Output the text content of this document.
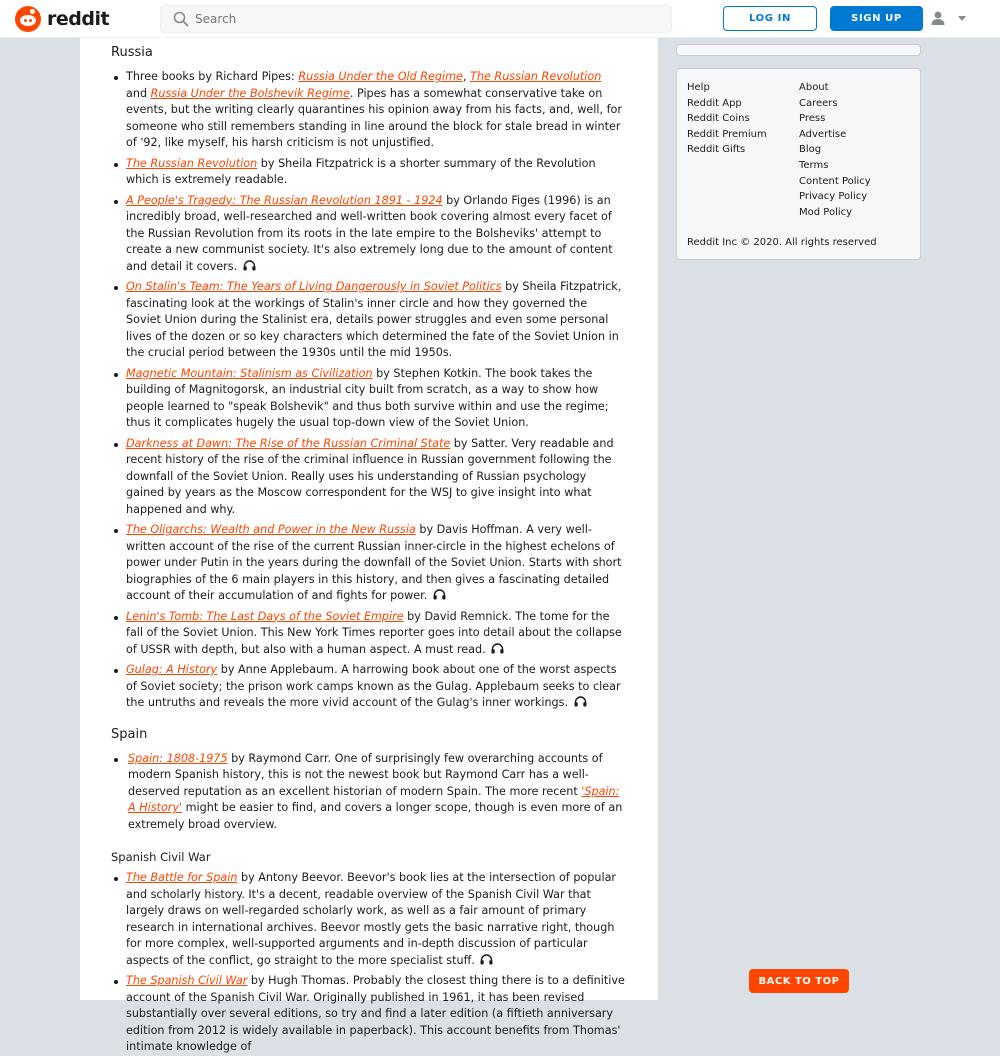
reddit
Search	LOG IN	SIGN UP
Russia
Three books by Richard Pipes: Russia Under the Old Regime, The Russian Revolution and Russia Under the Bolshevik Regime. Pipes has a somewhat conservative take on events, but the writing clearly quarantines his opinion away from his facts, and, well, for someone who still remembers standing in line around the block for stale bread in winter of '92, like myself, his harsh criticism is not unjustified.
The Russian Revolution by Sheila Fitzpatrick is a shorter summary of the Revolution which is extremely readable.
A People's Tragedy: The Russian Revolution 1891 - 1924 by Orlando Figes (1996) is an incredibly broad, well-researched and well-written book covering almost every facet of the Russian Revolution from its roots in the late empire to the Bolsheviks' attempt to create a new communist society. It's also extremely long due to the amount of content and detail it covers.
On Stalin's Team: The Years of Living Dangerously in Soviet Politics by Sheila Fitzpatrick, fascinating look at the workings of Stalin's inner circle and how they governed the Soviet Union during the Stalinist era, details power struggles and even some personal lives of the dozen or so key characters which determined the fate of the Soviet Union in the crucial period between the 1930s until the mid 1950s.
Magnetic Mountain: Stalinism as Civilization by Stephen Kotkin. The book takes the building of Magnitogorsk, an industrial city built from scratch, as a way to show how people learned to "speak Bolshevik" and thus both survive within and use the regime; thus it complicates hugely the usual top-down view of the Soviet Union.
Darkness at Dawn: The Rise of the Russian Criminal State by Satter. Very readable and recent history of the rise of the criminal influence in Russian government following the downfall of the Soviet Union. Really uses his understanding of Russian psychology gained by years as the Moscow correspondent for the WSJ to give insight into what happened and why.
The Oligarchs: Wealth and Power in the New Russia by Davis Hoffman. A very well-written account of the rise of the current Russian inner-circle in the highest echelons of power under Putin in the years during the downfall of the Soviet Union. Starts with short biographies of the 6 main players in this history, and then gives a fascinating detailed account of their accumulation of and fights for power.
Lenin's Tomb: The Last Days of the Soviet Empire by David Remnick. The tome for the fall of the Soviet Union. This New York Times reporter goes into detail about the collapse of USSR with depth, but also with a human aspect. A must read.
Gulag: A History by Anne Applebaum. A harrowing book about one of the worst aspects of Soviet society; the prison work camps known as the Gulag. Applebaum seeks to clear the untruths and reveals the more vivid account of the Gulag's inner workings.
Spain
Spain: 1808-1975 by Raymond Carr. One of surprisingly few overarching accounts of modern Spanish history, this is not the newest book but Raymond Carr has a well-deserved reputation as an excellent historian of modern Spain. The more recent 'Spain: A History' might be easier to find, and covers a longer scope, though is even more of an extremely broad overview.
Spanish Civil War
The Battle for Spain by Antony Beevor. Beevor's book lies at the intersection of popular and scholarly history. It's a decent, readable overview of the Spanish Civil War that largely draws on well-regarded scholarly work, as well as a fair amount of primary research in international archives. Beevor mostly gets the basic narrative right, though for more complex, well-supported arguments and in-depth discussion of particular aspects of the conflict, go straight to the more specialist stuff.
The Spanish Civil War by Hugh Thomas. Probably the closest thing there is to a definitive account of the Spanish Civil War. Originally published in 1961, it has been revised substantially over several editions, so try and find a later edition (a fiftieth anniversary edition from 2012 is widely available in paperback). This account benefits from Thomas' intimate knowledge of
Help
Reddit App
Reddit Coins
Reddit Premium
Reddit Gifts
About
Careers
Press
Advertise
Blog
Terms
Content Policy
Privacy Policy
Mod Policy
Reddit Inc © 2020. All rights reserved
BACK TO TOP
